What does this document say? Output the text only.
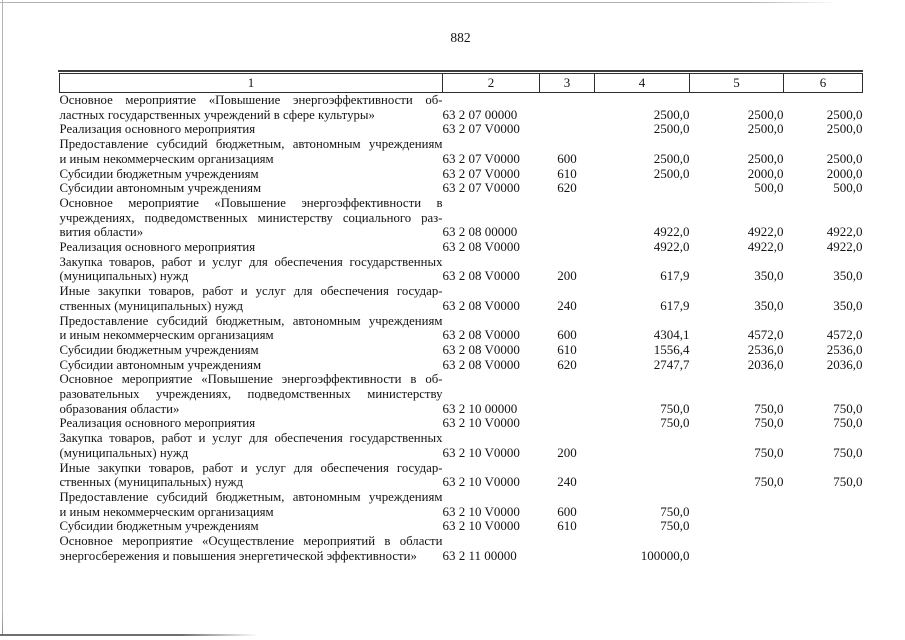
882
1	2	3	4	5	6

Основное мероприятие «Повышение энергоэффективности об-
ластных государственных учреждений в сфере культуры»	63 2 07 00000		2500,0	2500,0	2500,0

Реализация основного мероприятия	63 2 07 V0000		2500,0	2500,0	2500,0

Предоставление субсидий бюджетным, автономным учреждениям
и иным некоммерческим организациям	63 2 07 V0000	600	2500,0	2500,0	2500,0

Субсидии бюджетным учреждениям	63 2 07 V0000	610	2500,0	2000,0	2000,0

Субсидии автономным учреждениям	63 2 07 V0000	620		500,0	500,0

Основное мероприятие «Повышение энергоэффективности в
учреждениях, подведомственных министерству социального раз-
вития области»	63 2 08 00000		4922,0	4922,0	4922,0

Реализация основного мероприятия	63 2 08 V0000		4922,0	4922,0	4922,0

Закупка товаров, работ и услуг для обеспечения государственных
(муниципальных) нужд	63 2 08 V0000	200	617,9	350,0	350,0

Иные закупки товаров, работ и услуг для обеспечения государ-
ственных (муниципальных) нужд	63 2 08 V0000	240	617,9	350,0	350,0

Предоставление субсидий бюджетным, автономным учреждениям
и иным некоммерческим организациям	63 2 08 V0000	600	4304,1	4572,0	4572,0

Субсидии бюджетным учреждениям	63 2 08 V0000	610	1556,4	2536,0	2536,0

Субсидии автономным учреждениям	63 2 08 V0000	620	2747,7	2036,0	2036,0

Основное мероприятие «Повышение энергоэффективности в об-
разовательных учреждениях, подведомственных министерству
образования области»	63 2 10 00000		750,0	750,0	750,0

Реализация основного мероприятия	63 2 10 V0000		750,0	750,0	750,0

Закупка товаров, работ и услуг для обеспечения государственных
(муниципальных) нужд	63 2 10 V0000	200		750,0	750,0

Иные закупки товаров, работ и услуг для обеспечения государ-
ственных (муниципальных) нужд	63 2 10 V0000	240		750,0	750,0

Предоставление субсидий бюджетным, автономным учреждениям
и иным некоммерческим организациям	63 2 10 V0000	600	750,0		

Субсидии бюджетным учреждениям	63 2 10 V0000	610	750,0		

Основное мероприятие «Осуществление мероприятий в области
энергосбережения и повышения энергетической эффективности»	63 2 11 00000		100000,0		
